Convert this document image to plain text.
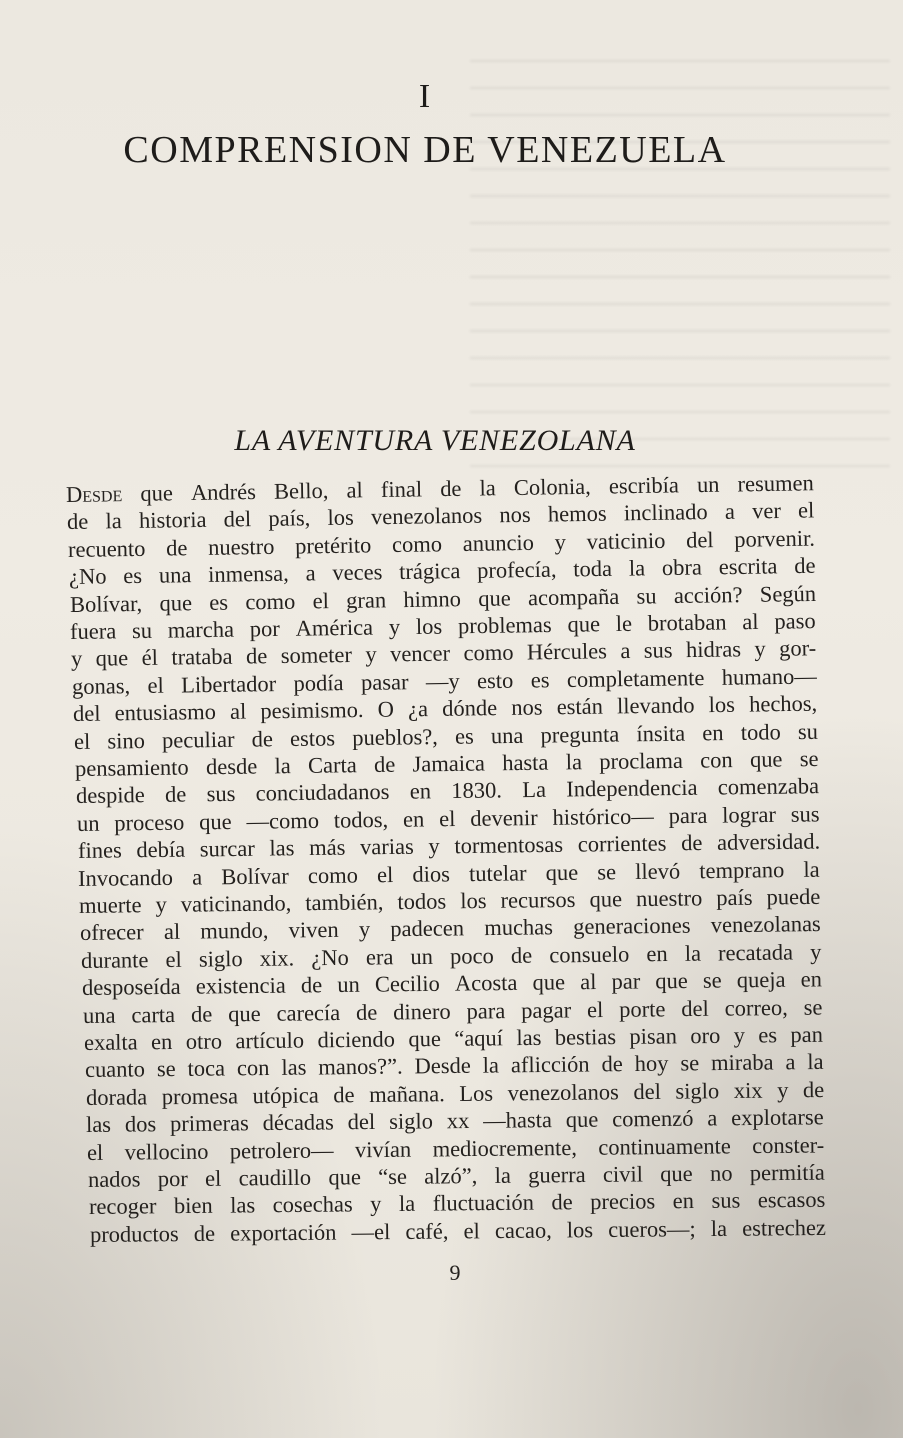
I
COMPRENSION DE VENEZUELA
LA AVENTURA VENEZOLANA
Desde que Andrés Bello, al final de la Colonia, escribía un resumen
de la historia del país, los venezolanos nos hemos inclinado a ver el
recuento de nuestro pretérito como anuncio y vaticinio del porvenir.
¿No es una inmensa, a veces trágica profecía, toda la obra escrita de
Bolívar, que es como el gran himno que acompaña su acción? Según
fuera su marcha por América y los problemas que le brotaban al paso
y que él trataba de someter y vencer como Hércules a sus hidras y gor-
gonas, el Libertador podía pasar —y esto es completamente humano—
del entusiasmo al pesimismo. O ¿a dónde nos están llevando los hechos,
el sino peculiar de estos pueblos?, es una pregunta ínsita en todo su
pensamiento desde la Carta de Jamaica hasta la proclama con que se
despide de sus conciudadanos en 1830. La Independencia comenzaba
un proceso que —como todos, en el devenir histórico— para lograr sus
fines debía surcar las más varias y tormentosas corrientes de adversidad.
Invocando a Bolívar como el dios tutelar que se llevó temprano la
muerte y vaticinando, también, todos los recursos que nuestro país puede
ofrecer al mundo, viven y padecen muchas generaciones venezolanas
durante el siglo xix. ¿No era un poco de consuelo en la recatada y
desposeída existencia de un Cecilio Acosta que al par que se queja en
una carta de que carecía de dinero para pagar el porte del correo, se
exalta en otro artículo diciendo que “aquí las bestias pisan oro y es pan
cuanto se toca con las manos?”. Desde la aflicción de hoy se miraba a la
dorada promesa utópica de mañana. Los venezolanos del siglo xix y de
las dos primeras décadas del siglo xx —hasta que comenzó a explotarse
el vellocino petrolero— vivían mediocremente, continuamente conster-
nados por el caudillo que “se alzó”, la guerra civil que no permitía
recoger bien las cosechas y la fluctuación de precios en sus escasos
productos de exportación —el café, el cacao, los cueros—; la estrechez
9
